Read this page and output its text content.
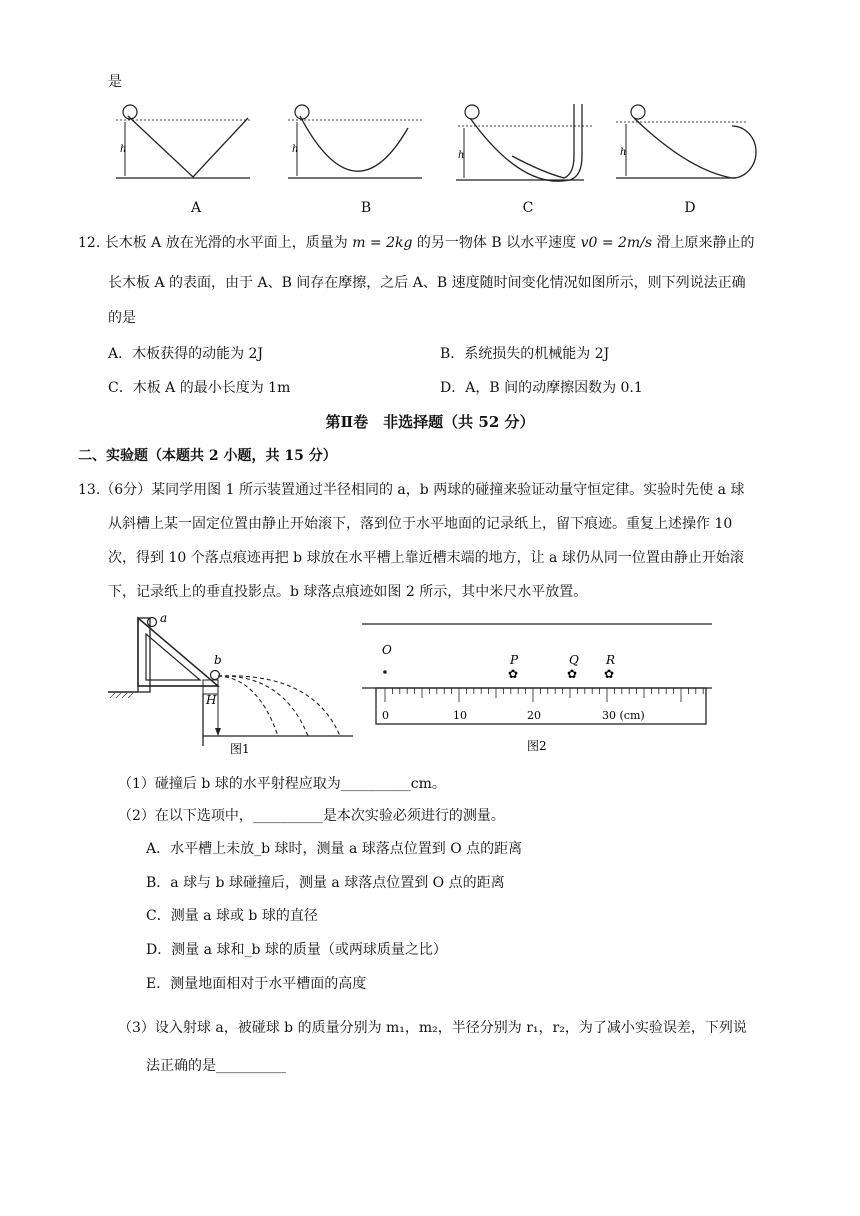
是
h	h
h	h
A	B	C	D
12. 长木板 A 放在光滑的水平面上，质量为 m = 2kg 的另一物体 B 以水平速度 v0 = 2m/s 滑上原来静止的
长木板 A 的表面，由于 A、B 间存在摩擦，之后 A、B 速度随时间变化情况如图所示，则下列说法正确
的是
A．木板获得的动能为 2J	B．系统损失的机械能为 2J
C．木板 A 的最小长度为 1m	D．A，B 间的动摩擦因数为 0.1
第Ⅱ卷　非选择题（共 52 分）
二、实验题（本题共 2 小题，共 15 分）
13.（6分）某同学用图 1 所示装置通过半径相同的 a，b 两球的碰撞来验证动量守恒定律。实验时先使 a 球
从斜槽上某一固定位置由静止开始滚下，落到位于水平地面的记录纸上，留下痕迹。重复上述操作 10
次，得到 10 个落点痕迹再把 b 球放在水平槽上靠近槽末端的地方，让 a 球仍从同一位置由静止开始滚
下，记录纸上的垂直投影点。b 球落点痕迹如图 2 所示，其中米尺水平放置。
a
b
H
图1
O
P
✿
Q
✿
R
✿
0	10	20	30 (cm)
图2
（1）碰撞后 b 球的水平射程应取为__________cm。
（2）在以下选项中，__________是本次实验必须进行的测量。
A．水平槽上未放_b 球时，测量 a 球落点位置到 O 点的距离
B．a 球与 b 球碰撞后，测量 a 球落点位置到 O 点的距离
C．测量 a 球或 b 球的直径
D．测量 a 球和_b 球的质量（或两球质量之比）
E．测量地面相对于水平槽面的高度
（3）设入射球 a，被碰球 b 的质量分别为 m₁，m₂，半径分别为 r₁，r₂，为了减小实验误差，下列说
法正确的是__________
